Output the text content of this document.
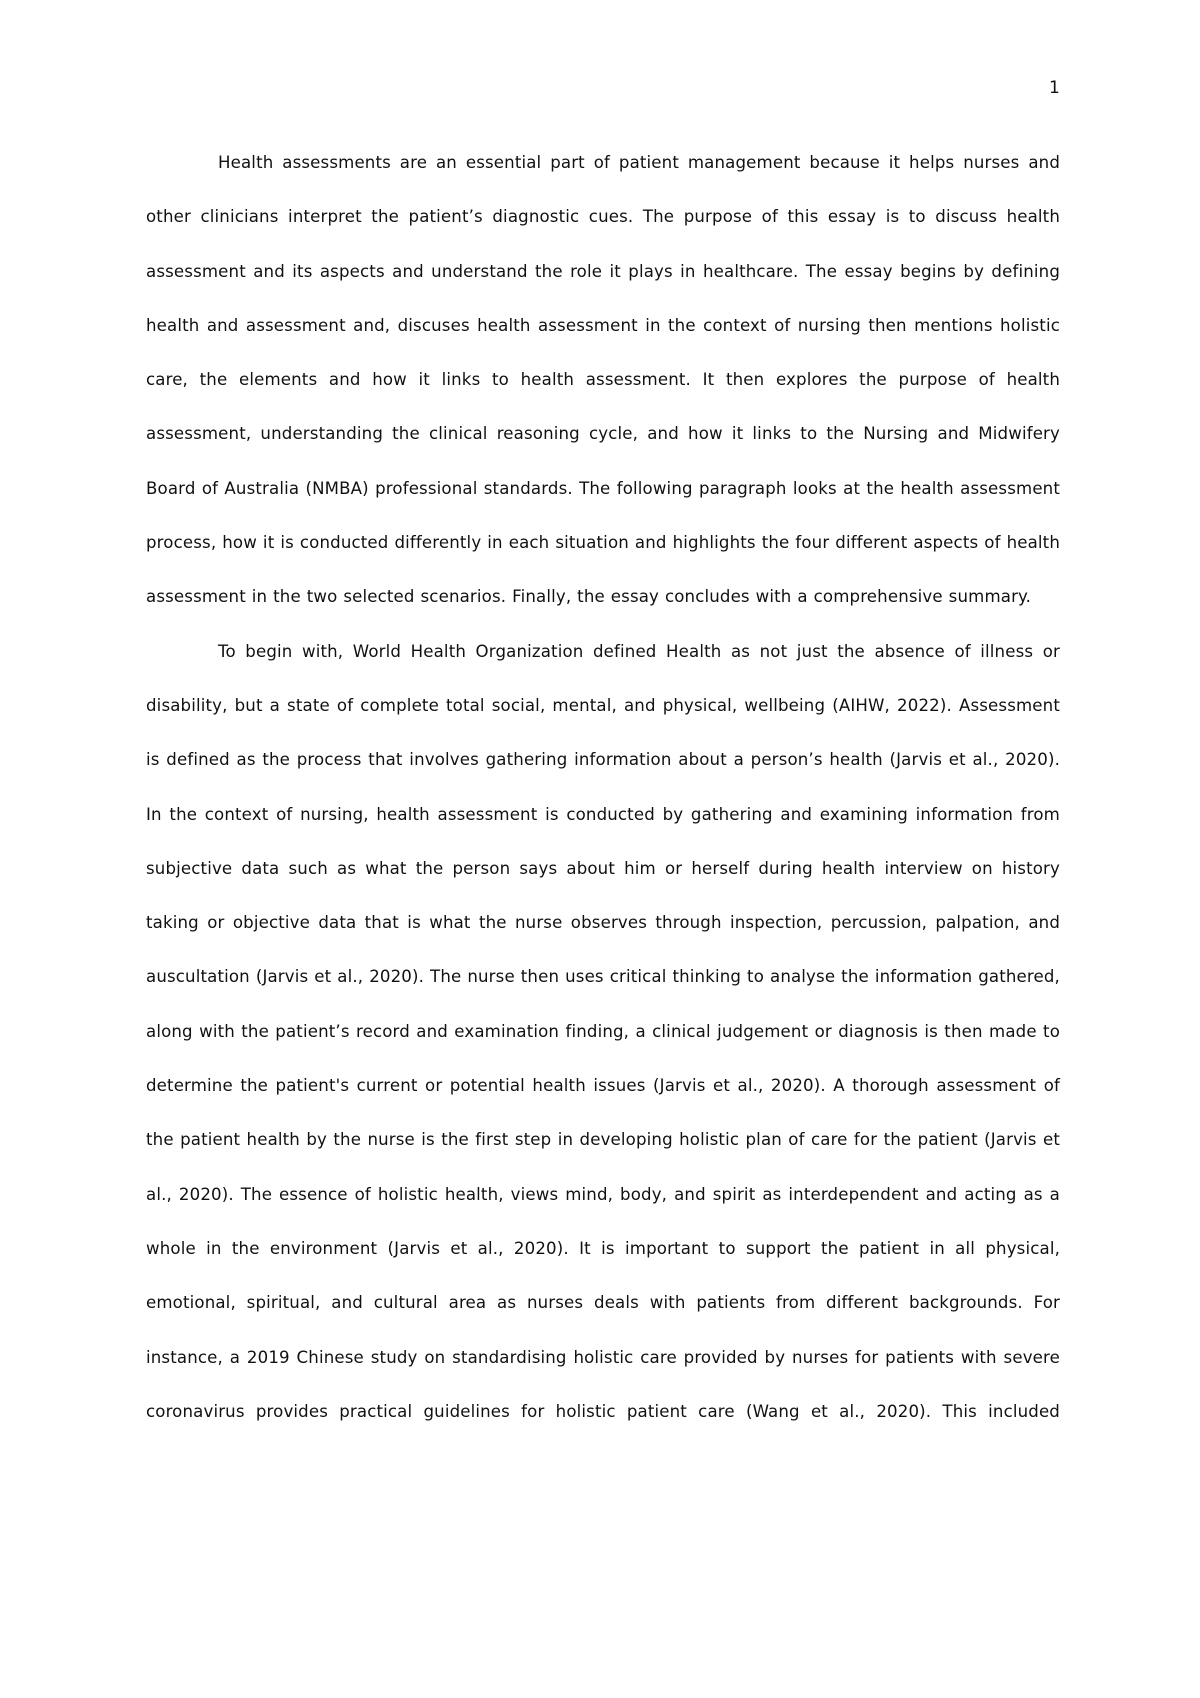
1

Health assessments are an essential part of patient management because it helps nurses and other clinicians interpret the patient’s diagnostic cues. The purpose of this essay is to discuss health assessment and its aspects and understand the role it plays in healthcare. The essay begins by defining health and assessment and, discuses health assessment in the context of nursing then mentions holistic care, the elements and how it links to health assessment. It then explores the purpose of health assessment, understanding the clinical reasoning cycle, and how it links to the Nursing and Midwifery Board of Australia (NMBA) professional standards. The following paragraph looks at the health assessment process, how it is conducted differently in each situation and highlights the four different aspects of health assessment in the two selected scenarios. Finally, the essay concludes with a comprehensive summary.

To begin with, World Health Organization defined Health as not just the absence of illness or disability, but a state of complete total social, mental, and physical, wellbeing (AIHW, 2022). Assessment is defined as the process that involves gathering information about a person’s health (Jarvis et al., 2020). In the context of nursing, health assessment is conducted by gathering and examining information from subjective data such as what the person says about him or herself during health interview on history taking or objective data that is what the nurse observes through inspection, percussion, palpation, and auscultation (Jarvis et al., 2020). The nurse then uses critical thinking to analyse the information gathered, along with the patient’s record and examination finding, a clinical judgement or diagnosis is then made to determine the patient's current or potential health issues (Jarvis et al., 2020). A thorough assessment of the patient health by the nurse is the first step in developing holistic plan of care for the patient (Jarvis et al., 2020). The essence of holistic health, views mind, body, and spirit as interdependent and acting as a whole in the environment (Jarvis et al., 2020). It is important to support the patient in all physical, emotional, spiritual, and cultural area as nurses deals with patients from different backgrounds. For instance, a 2019 Chinese study on standardising holistic care provided by nurses for patients with severe coronavirus provides practical guidelines for holistic patient care (Wang et al., 2020). This included
